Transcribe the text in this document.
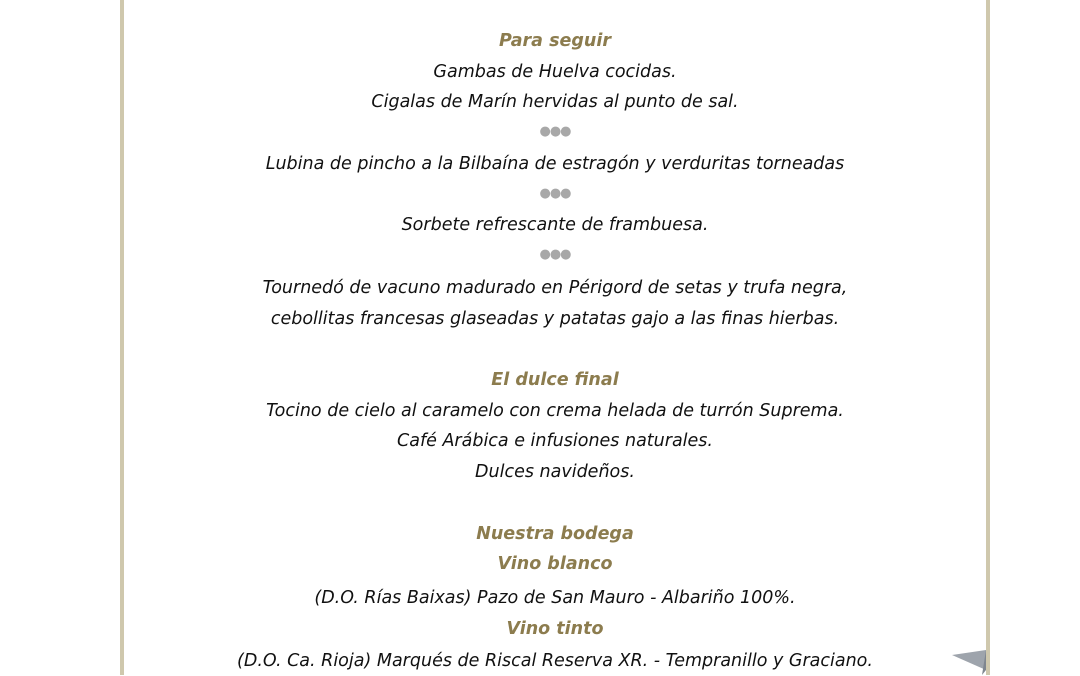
Para seguir
Gambas de Huelva cocidas.
Cigalas de Marín hervidas al punto de sal.
●●●
Lubina de pincho a la Bilbaína de estragón y verduritas torneadas
●●●
Sorbete refrescante de frambuesa.
●●●
Tournedó de vacuno madurado en Périgord de setas y trufa negra,
cebollitas francesas glaseadas y patatas gajo a las finas hierbas.
El dulce final
Tocino de cielo al caramelo con crema helada de turrón Suprema.
Café Arábica e infusiones naturales.
Dulces navideños.
Nuestra bodega
Vino blanco
(D.O. Rías Baixas) Pazo de San Mauro - Albariño 100%.
Vino tinto
(D.O. Ca. Rioja) Marqués de Riscal Reserva XR. - Tempranillo y Graciano.
